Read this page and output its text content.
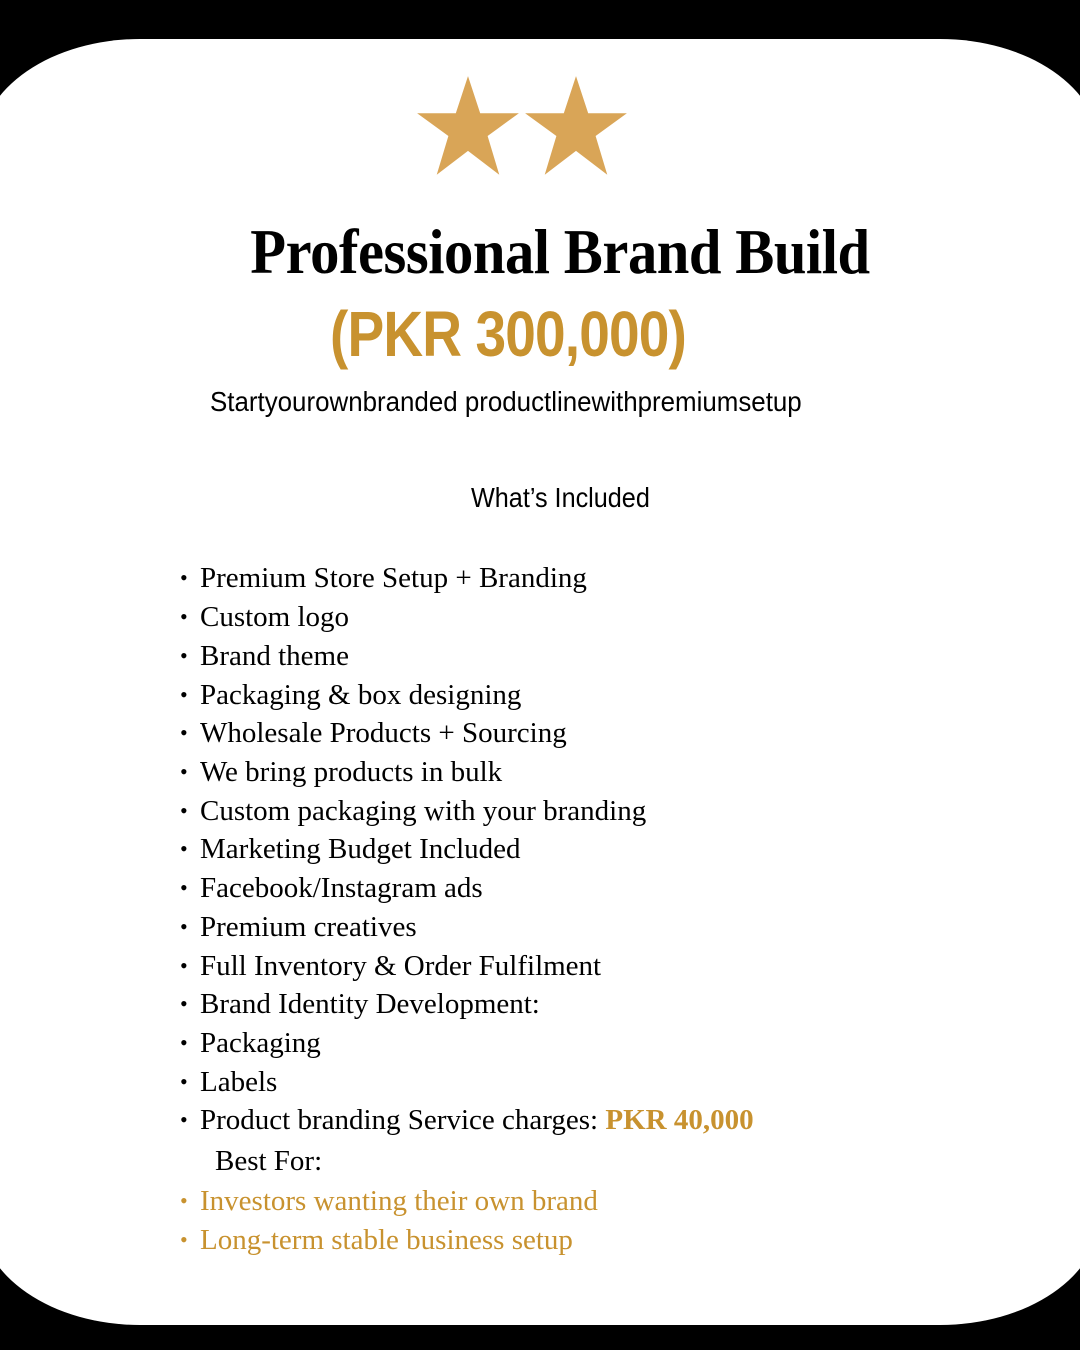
Professional Brand Build
(PKR 300,000)
Startyourownbranded productlinewithpremiumsetup
What’s Included
• Premium Store Setup + Branding
• Custom logo
• Brand theme
• Packaging & box designing
• Wholesale Products + Sourcing
• We bring products in bulk
• Custom packaging with your branding
• Marketing Budget Included
• Facebook/Instagram ads
• Premium creatives
• Full Inventory & Order Fulfilment
• Brand Identity Development:
• Packaging
• Labels
• Product branding Service charges: PKR 40,000
Best For:
• Investors wanting their own brand
• Long-term stable business setup
